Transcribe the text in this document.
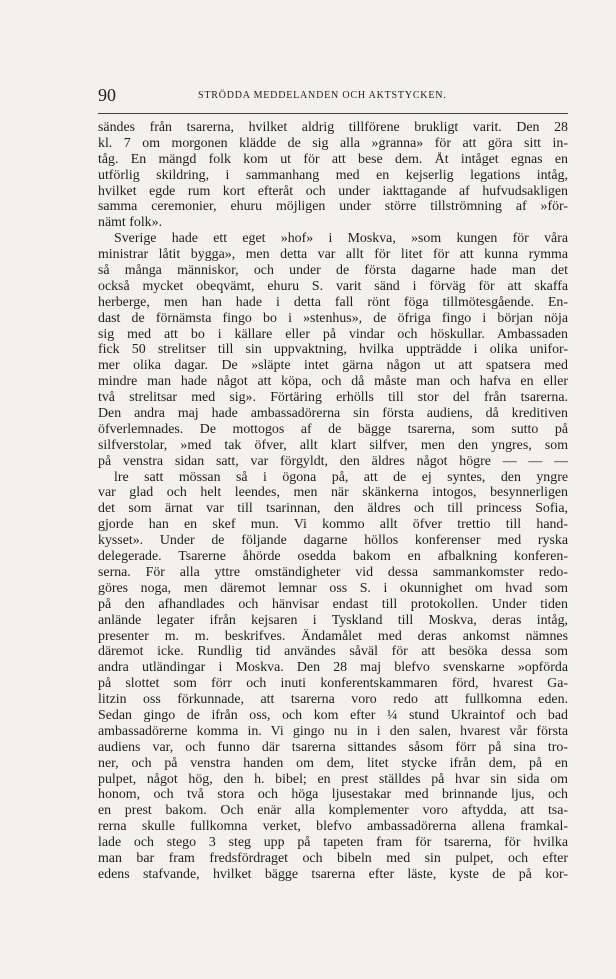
90	STRÖDDA MEDDELANDEN OCH AKTSTYCKEN.
sändes från tsarerna, hvilket aldrig tillförene brukligt varit. Den 28
kl. 7 om morgonen klädde de sig alla »granna» för att göra sitt in-
tåg. En mängd folk kom ut för att bese dem. Åt intåget egnas en
utförlig skildring, i sammanhang med en kejserlig legations intåg,
hvilket egde rum kort efteråt och under iakttagande af hufvudsakligen
samma ceremonier, ehuru möjligen under större tillströmning af »för-
nämt folk».
Sverige hade ett eget »hof» i Moskva, »som kungen för våra
ministrar låtit bygga», men detta var allt för litet för att kunna rymma
så många människor, och under de första dagarne hade man det
också mycket obeqvämt, ehuru S. varit sänd i förväg för att skaffa
herberge, men han hade i detta fall rönt föga tillmötesgående. En-
dast de förnämsta fingo bo i »stenhus», de öfriga fingo i början nöja
sig med att bo i källare eller på vindar och höskullar. Ambassaden
fick 50 strelitser till sin uppvaktning, hvilka uppträdde i olika unifor-
mer olika dagar. De »släpte intet gärna någon ut att spatsera med
mindre man hade något att köpa, och då måste man och hafva en eller
två strelitsar med sig». Förtäring erhölls till stor del från tsarerna.
Den andra maj hade ambassadörerna sin första audiens, då kreditiven
öfverlemnades. De mottogos af de bägge tsarerna, som sutto på
silfverstolar, »med tak öfver, allt klart silfver, men den yngres, som
på venstra sidan satt, var förgyldt, den äldres något högre — — —
lre satt mössan så i ögona på, att de ej syntes, den yngre
var glad och helt leendes, men när skänkerna intogos, besynnerligen
det som ärnat var till tsarinnan, den äldres och till princess Sofia,
gjorde han en skef mun. Vi kommo allt öfver trettio till hand-
kysset». Under de följande dagarne höllos konferenser med ryska
delegerade. Tsarerne åhörde osedda bakom en afbalkning konferen-
serna. För alla yttre omständigheter vid dessa sammankomster redo-
göres noga, men däremot lemnar oss S. i okunnighet om hvad som
på den afhandlades och hänvisar endast till protokollen. Under tiden
anlände legater ifrån kejsaren i Tyskland till Moskva, deras intåg,
presenter m. m. beskrifves. Ändamålet med deras ankomst nämnes
däremot icke. Rundlig tid användes såväl för att besöka dessa som
andra utländingar i Moskva. Den 28 maj blefvo svenskarne »opförda
på slottet som förr och inuti konferentskammaren förd, hvarest Ga-
litzin oss förkunnade, att tsarerna voro redo att fullkomna eden.
Sedan gingo de ifrån oss, och kom efter ¼ stund Ukraintof och bad
ambassadörerne komma in. Vi gingo nu in i den salen, hvarest vår första
audiens var, och funno där tsarerna sittandes såsom förr på sina tro-
ner, och på venstra handen om dem, litet stycke ifrån dem, på en
pulpet, något hög, den h. bibel; en prest ställdes på hvar sin sida om
honom, och två stora och höga ljusestakar med brinnande ljus, och
en prest bakom. Och enär alla komplementer voro aftydda, att tsa-
rerna skulle fullkomna verket, blefvo ambassadörerna allena framkal-
lade och stego 3 steg upp på tapeten fram för tsarerna, för hvilka
man bar fram fredsfördraget och bibeln med sin pulpet, och efter
edens stafvande, hvilket bägge tsarerna efter läste, kyste de på kor-
